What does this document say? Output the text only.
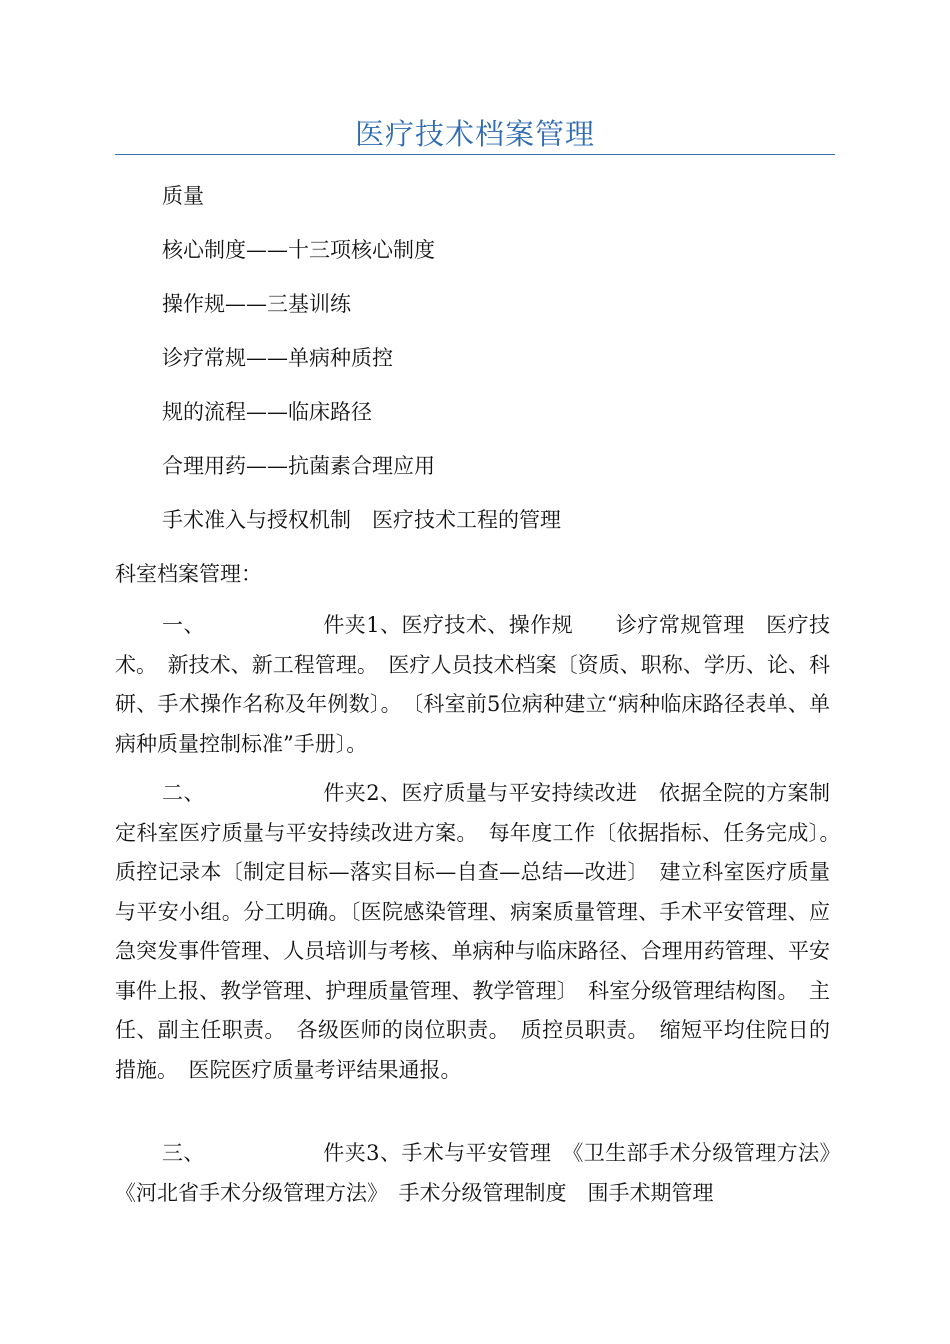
医疗技术档案管理
质量
核心制度——十三项核心制度
操作规——三基训练
诊疗常规——单病种质控
规的流程——临床路径
合理用药——抗菌素合理应用
手术准入与授权机制　医疗技术工程的管理
科室档案管理：
一、	件夹1、医疗技术、操作规　　诊疗常规管理　医疗技术。　新技术、新工程管理。　医疗人员技术档案〔资质、职称、学历、论、科研、手术操作名称及年例数〕。　〔科室前5位病种建立“病种临床路径表单、单病种质量控制标准”手册〕。
二、	件夹2、医疗质量与平安持续改进　依据全院的方案制定科室医疗质量与平安持续改进方案。　每年度工作〔依据指标、任务完成〕。　质控记录本〔制定目标—落实目标—自查—总结—改进〕　建立科室医疗质量与平安小组。分工明确。〔医院感染管理、病案质量管理、手术平安管理、应急突发事件管理、人员培训与考核、单病种与临床路径、合理用药管理、平安事件上报、教学管理、护理质量管理、教学管理〕　科室分级管理结构图。　主任、副主任职责。　各级医师的岗位职责。　质控员职责。　缩短平均住院日的措施。　医院医疗质量考评结果通报。
三、	件夹3、手术与平安管理　《卫生部手术分级管理方法》　《河北省手术分级管理方法》　手术分级管理制度　围手术期管理
